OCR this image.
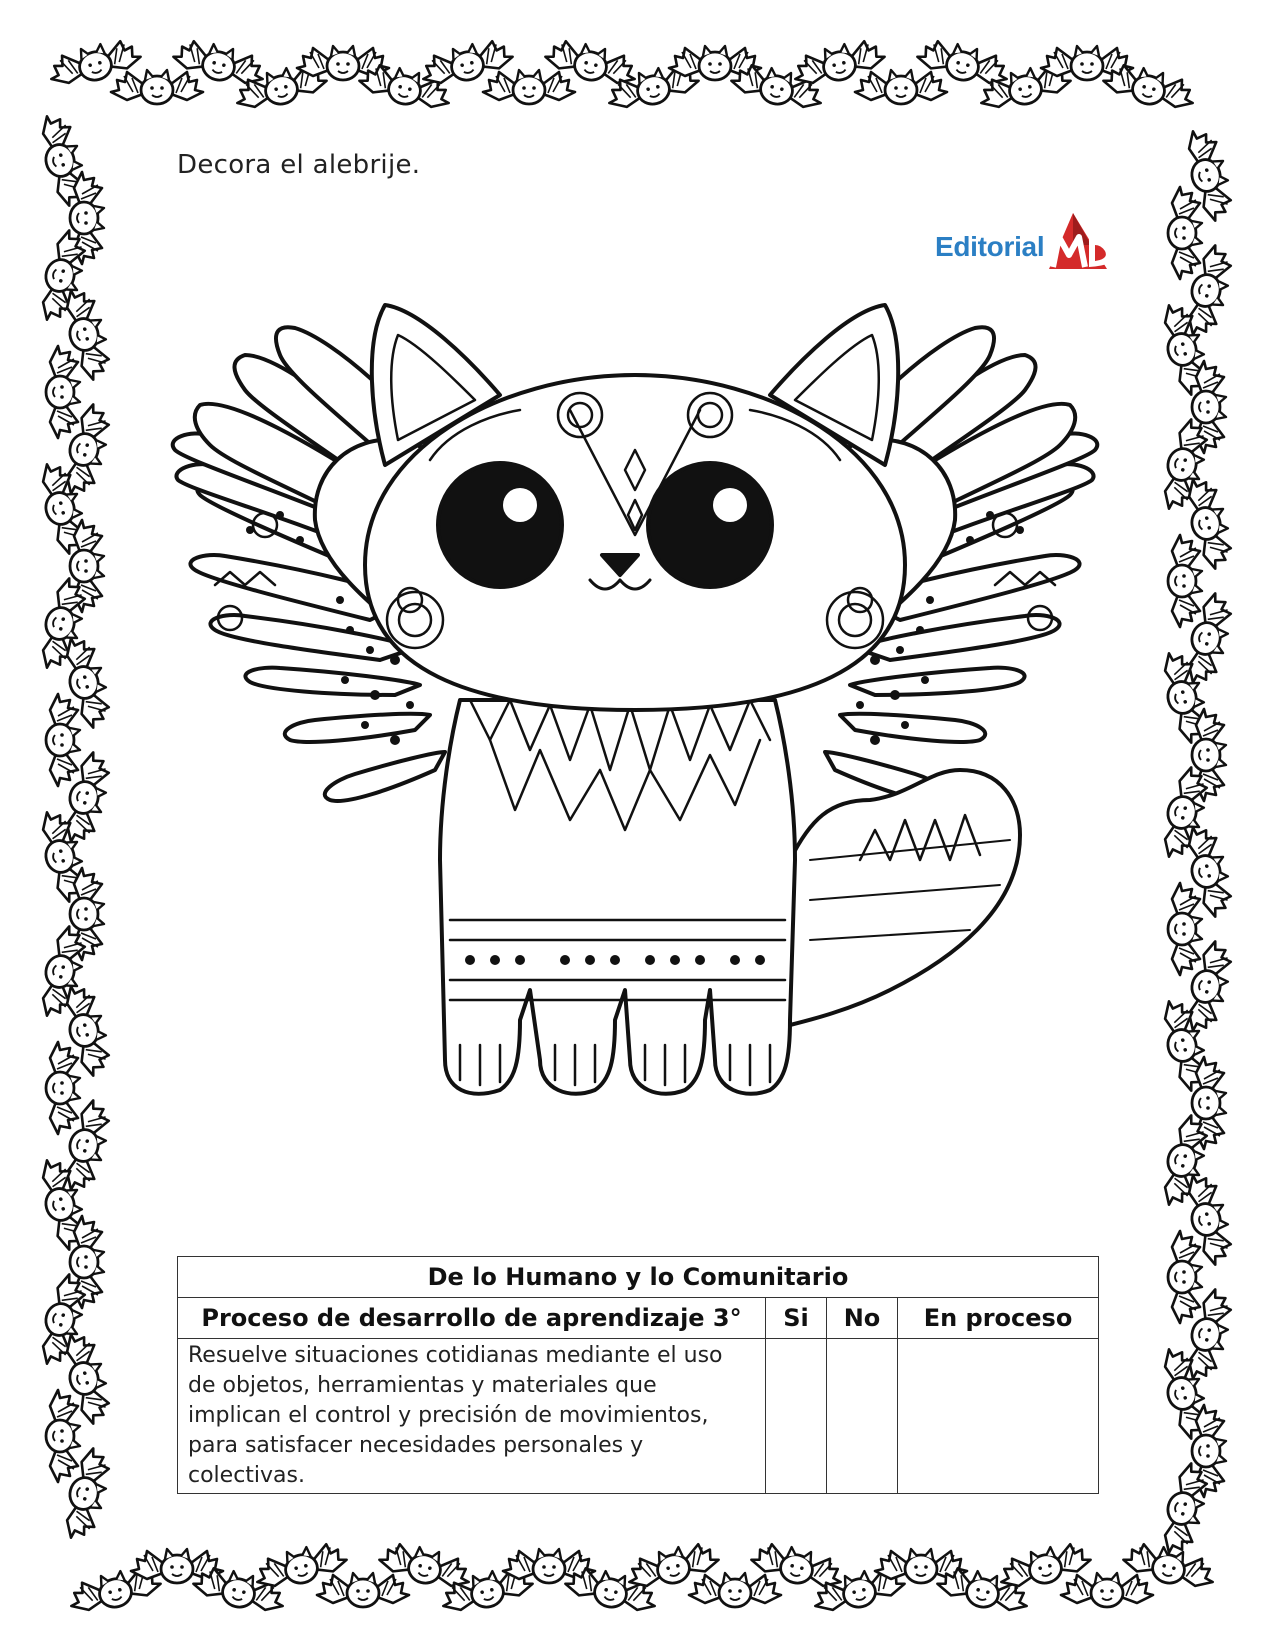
Decora el alebrije.
Editorial
De lo Humano y lo Comunitario			
Proceso de desarrollo de aprendizaje 3°	Si	No	En proceso
Resuelve situaciones cotidianas mediante el uso de objetos, herramientas y materiales que implican el control y precisión de movimientos, para satisfacer necesidades personales y colectivas.			
